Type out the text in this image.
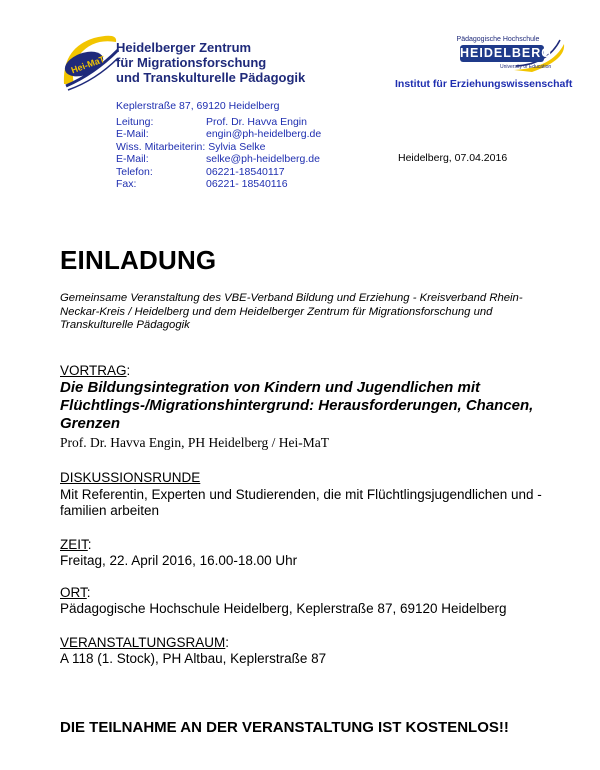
Hei-MaT
Heidelberger Zentrum
für Migrationsforschung
und Transkulturelle Pädagogik
Pädagogische Hochschule
HEIDELBERG
University of Education
Institut für Erziehungswissenschaft
Keplerstraße 87, 69120 Heidelberg
Leitung:	Prof. Dr. Havva Engin
E-Mail:	engin@ph-heidelberg.de
Wiss. Mitarbeiterin: Sylvia Selke
E-Mail:	selke@ph-heidelberg.de
Telefon:	06221-18540117
Fax:	06221- 18540116
Heidelberg, 07.04.2016
EINLADUNG
Gemeinsame Veranstaltung des VBE-Verband Bildung und Erziehung - Kreisverband Rhein-Neckar-Kreis / Heidelberg und dem Heidelberger Zentrum für Migrationsforschung und Transkulturelle Pädagogik
VORTRAG:
Die Bildungsintegration von Kindern und Jugendlichen mit Flüchtlings-/Migrationshintergrund: Herausforderungen, Chancen, Grenzen
Prof. Dr. Havva Engin, PH Heidelberg / Hei-MaT
DISKUSSIONSRUNDE
Mit Referentin, Experten und Studierenden, die mit Flüchtlingsjugendlichen und -familien arbeiten
ZEIT:
Freitag, 22. April 2016, 16.00-18.00 Uhr
ORT:
Pädagogische Hochschule Heidelberg, Keplerstraße 87, 69120 Heidelberg
VERANSTALTUNGSRAUM:
A 118 (1. Stock), PH Altbau, Keplerstraße 87
DIE TEILNAHME AN DER VERANSTALTUNG IST KOSTENLOS!!
